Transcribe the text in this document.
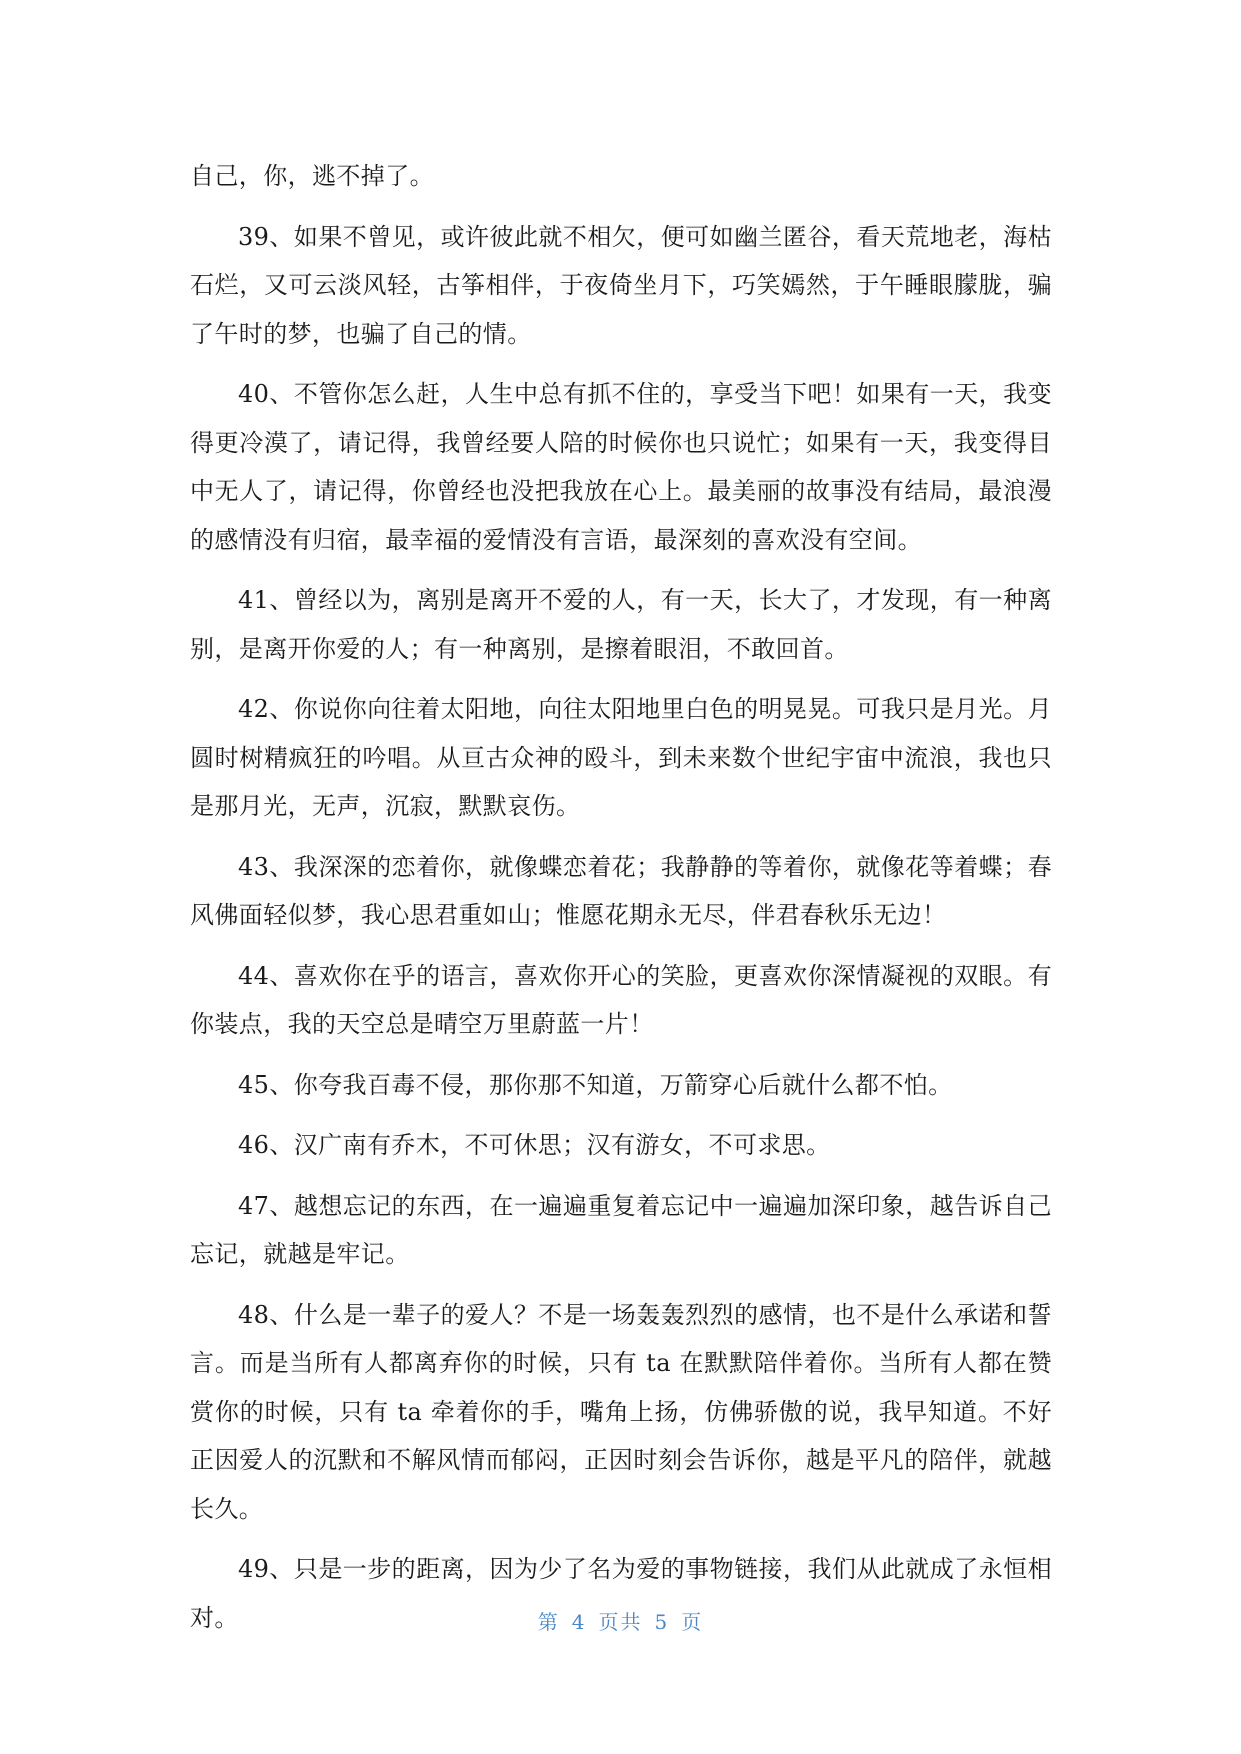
自己，你，逃不掉了。

39、如果不曾见，或许彼此就不相欠，便可如幽兰匿谷，看天荒地老，海枯石烂，又可云淡风轻，古筝相伴，于夜倚坐月下，巧笑嫣然，于午睡眼朦胧，骗了午时的梦，也骗了自己的情。

40、不管你怎么赶，人生中总有抓不住的，享受当下吧！如果有一天，我变得更冷漠了，请记得，我曾经要人陪的时候你也只说忙；如果有一天，我变得目中无人了，请记得，你曾经也没把我放在心上。最美丽的故事没有结局，最浪漫的感情没有归宿，最幸福的爱情没有言语，最深刻的喜欢没有空间。

41、曾经以为，离别是离开不爱的人，有一天，长大了，才发现，有一种离别，是离开你爱的人；有一种离别，是擦着眼泪，不敢回首。

42、你说你向往着太阳地，向往太阳地里白色的明晃晃。可我只是月光。月圆时树精疯狂的吟唱。从亘古众神的殴斗，到未来数个世纪宇宙中流浪，我也只是那月光，无声，沉寂，默默哀伤。

43、我深深的恋着你，就像蝶恋着花；我静静的等着你，就像花等着蝶；春风佛面轻似梦，我心思君重如山；惟愿花期永无尽，伴君春秋乐无边！

44、喜欢你在乎的语言，喜欢你开心的笑脸，更喜欢你深情凝视的双眼。有你装点，我的天空总是晴空万里蔚蓝一片！

45、你夸我百毒不侵，那你那不知道，万箭穿心后就什么都不怕。

46、汉广南有乔木，不可休思；汉有游女，不可求思。

47、越想忘记的东西，在一遍遍重复着忘记中一遍遍加深印象，越告诉自己忘记，就越是牢记。

48、什么是一辈子的爱人？不是一场轰轰烈烈的感情，也不是什么承诺和誓言。而是当所有人都离弃你的时候，只有 ta 在默默陪伴着你。当所有人都在赞赏你的时候，只有 ta 牵着你的手，嘴角上扬，仿佛骄傲的说，我早知道。不好正因爱人的沉默和不解风情而郁闷，正因时刻会告诉你，越是平凡的陪伴，就越长久。

49、只是一步的距离，因为少了名为爱的事物链接，我们从此就成了永恒相对。	第 4 页共 5 页
